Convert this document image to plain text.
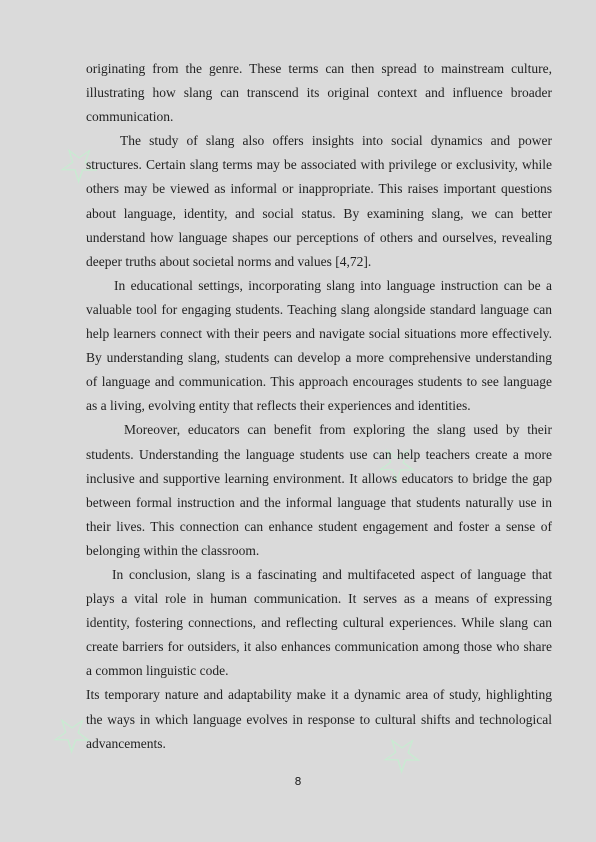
☆
☆
☆	☆

originating from the genre. These terms can then spread to mainstream culture, illustrating how slang can transcend its original context and influence broader communication.

The study of slang also offers insights into social dynamics and power structures. Certain slang terms may be associated with privilege or exclusivity, while others may be viewed as informal or inappropriate. This raises important questions about language, identity, and social status. By examining slang, we can better understand how language shapes our perceptions of others and ourselves, revealing deeper truths about societal norms and values [4,72].

In educational settings, incorporating slang into language instruction can be a valuable tool for engaging students. Teaching slang alongside standard language can help learners connect with their peers and navigate social situations more effectively. By understanding slang, students can develop a more comprehensive understanding of language and communication. This approach encourages students to see language as a living, evolving entity that reflects their experiences and identities.

Moreover, educators can benefit from exploring the slang used by their students. Understanding the language students use can help teachers create a more inclusive and supportive learning environment. It allows educators to bridge the gap between formal instruction and the informal language that students naturally use in their lives. This connection can enhance student engagement and foster a sense of belonging within the classroom.

In conclusion, slang is a fascinating and multifaceted aspect of language that plays a vital role in human communication. It serves as a means of expressing identity, fostering connections, and reflecting cultural experiences. While slang can create barriers for outsiders, it also enhances communication among those who share a common linguistic code.

Its temporary nature and adaptability make it a dynamic area of study, highlighting the ways in which language evolves in response to cultural shifts and technological advancements.

8
